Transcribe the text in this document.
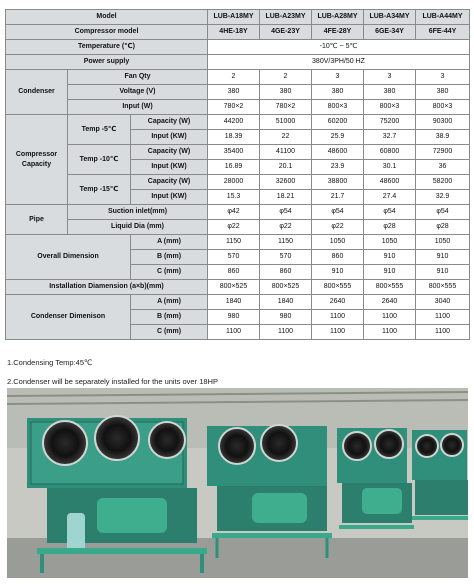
Model			LUB-A18MY	LUB-A23MY	LUB-A28MY	LUB-A34MY	LUB-A44MY
Compressor model			4HE-18Y	4GE-23Y	4FE-28Y	6GE-34Y	6FE-44Y
Temperature (℃)			-10℃ ~ 5℃				
Power supply			380V/3PH/50 HZ				
Condenser	Fan Qty		2	2	3	3	3
	Voltage (V)		380	380	380	380	380
	Input (W)		780×2	780×2	800×3	800×3	800×3
Compressor Capacity	Temp -5℃	Capacity (W)	44200	51000	60200	75200	90300
		Input (KW)	18.39	22	25.9	32.7	38.9
	Temp -10℃	Capacity (W)	35400	41100	48600	60800	72900
		Input (KW)	16.89	20.1	23.9	30.1	36
	Temp -15℃	Capacity (W)	28000	32600	38800	48600	58200
		Input (KW)	15.3	18.21	21.7	27.4	32.9
Pipe	Suction inlet(mm)		φ42	φ54	φ54	φ54	φ54
	Liquid Dia (mm)		φ22	φ22	φ22	φ28	φ28
Overall Dimension		A (mm)	1150	1150	1050	1050	1050
		B (mm)	570	570	860	910	910
		C (mm)	860	860	910	910	910
Installation Diamension (a×b)(mm)			800×525	800×525	800×555	800×555	800×555
Condenser Dimenison		A (mm)	1840	1840	2640	2640	3040
		B (mm)	980	980	1100	1100	1100
		C (mm)	1100	1100	1100	1100	1100
1.Condensing Temp:45℃
2.Condenser will be separately installed for the units over 18HP
